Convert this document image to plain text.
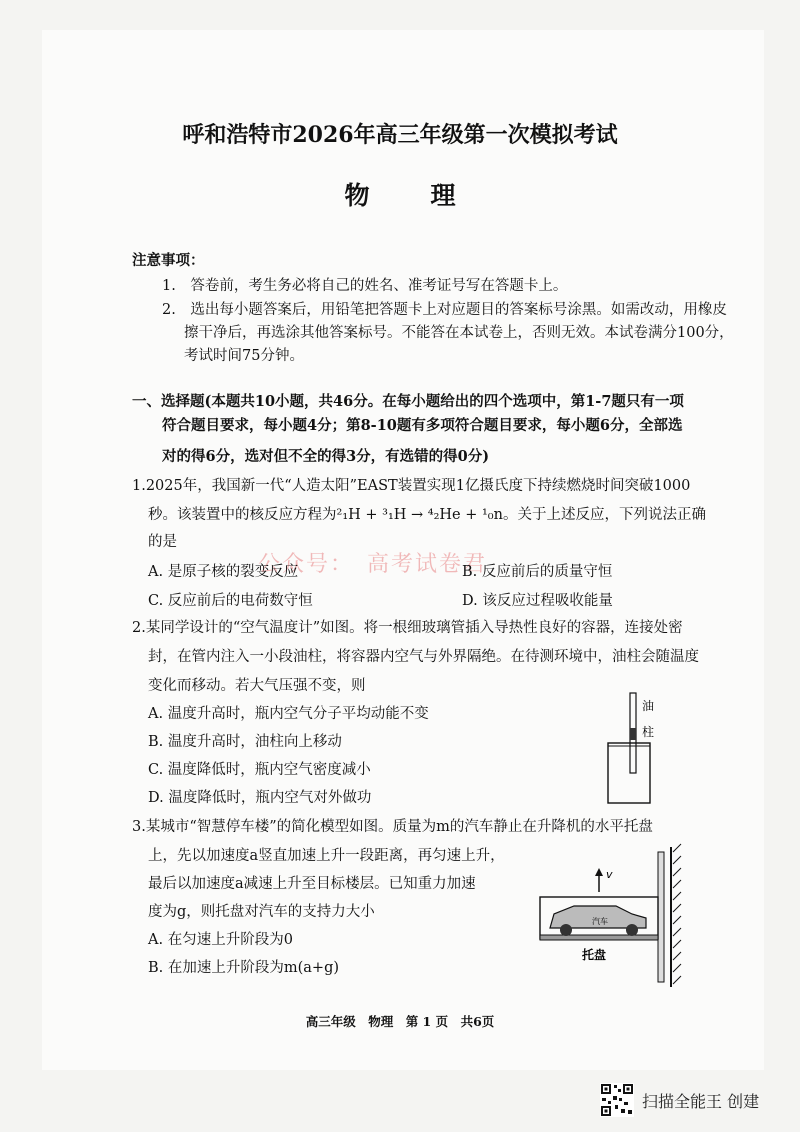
呼和浩特市2026年高三年级第一次模拟考试
物　理
注意事项：
1.　答卷前，考生务必将自己的姓名、准考证号写在答题卡上。
2.　选出每小题答案后，用铅笔把答题卡上对应题目的答案标号涂黑。如需改动，用橡皮
擦干净后，再选涂其他答案标号。不能答在本试卷上，否则无效。本试卷满分100分，
考试时间75分钟。
一、选择题(本题共10小题，共46分。在每小题给出的四个选项中，第1-7题只有一项
符合题目要求，每小题4分；第8-10题有多项符合题目要求，每小题6分，全部选
对的得6分，选对但不全的得3分，有选错的得0分)
1.2025年，我国新一代“人造太阳”EAST装置实现1亿摄氏度下持续燃烧时间突破1000
秒。该装置中的核反应方程为²₁H + ³₁H → ⁴₂He + ¹₀n。关于上述反应，下列说法正确
的是
公众号：　高考试卷君
A. 是原子核的裂变反应	B. 反应前后的质量守恒
C. 反应前后的电荷数守恒	D. 该反应过程吸收能量
2.某同学设计的“空气温度计”如图。将一根细玻璃管插入导热性良好的容器，连接处密
封，在管内注入一小段油柱，将容器内空气与外界隔绝。在待测环境中，油柱会随温度
变化而移动。若大气压强不变，则
A. 温度升高时，瓶内空气分子平均动能不变
B. 温度升高时，油柱向上移动
C. 温度降低时，瓶内空气密度减小
D. 温度降低时，瓶内空气对外做功
油
柱
3.某城市“智慧停车楼”的简化模型如图。质量为m的汽车静止在升降机的水平托盘
上，先以加速度a竖直加速上升一段距离，再匀速上升，
最后以加速度a减速上升至目标楼层。已知重力加速
度为g，则托盘对汽车的支持力大小
A. 在匀速上升阶段为0
B. 在加速上升阶段为m(a+g)
v
汽车
托盘
高三年级　物理　第 1 页　共6页
扫描全能王 创建
